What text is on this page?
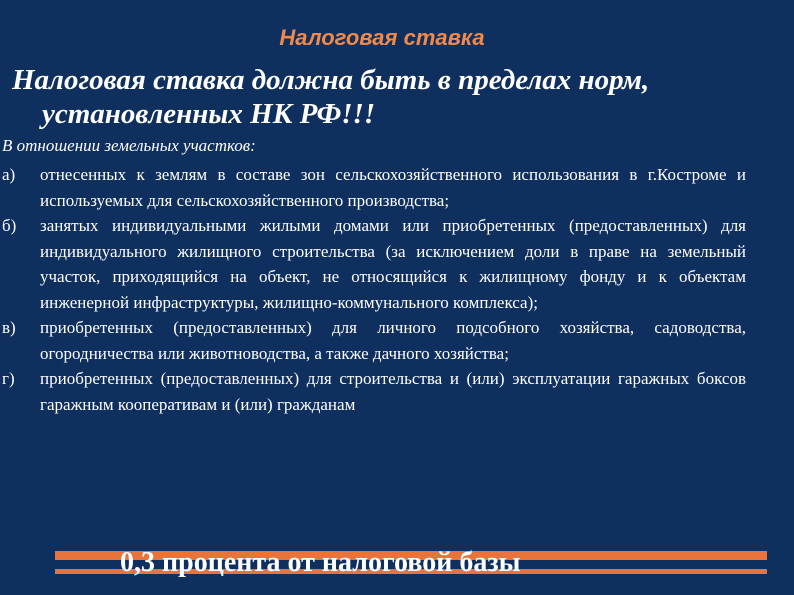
Налоговая ставка
Налоговая ставка должна быть в пределах норм,
установленных НК РФ!!!

В отношении земельных участков:

а) отнесенных к землям в составе зон сельскохозяйственного использования в г.Костроме и используемых для сельскохозяйственного производства;
б) занятых индивидуальными жилыми домами или приобретенных (предоставленных) для индивидуального жилищного строительства (за исключением доли в праве на земельный участок, приходящийся на объект, не относящийся к жилищному фонду и к объектам инженерной инфраструктуры, жилищно-коммунального комплекса);
в) приобретенных (предоставленных) для личного подсобного хозяйства, садоводства, огородничества или животноводства, а также дачного хозяйства;
г) приобретенных (предоставленных) для строительства и (или) эксплуатации гаражных боксов гаражным кооперативам и (или) гражданам

0,3 процента от налоговой базы
